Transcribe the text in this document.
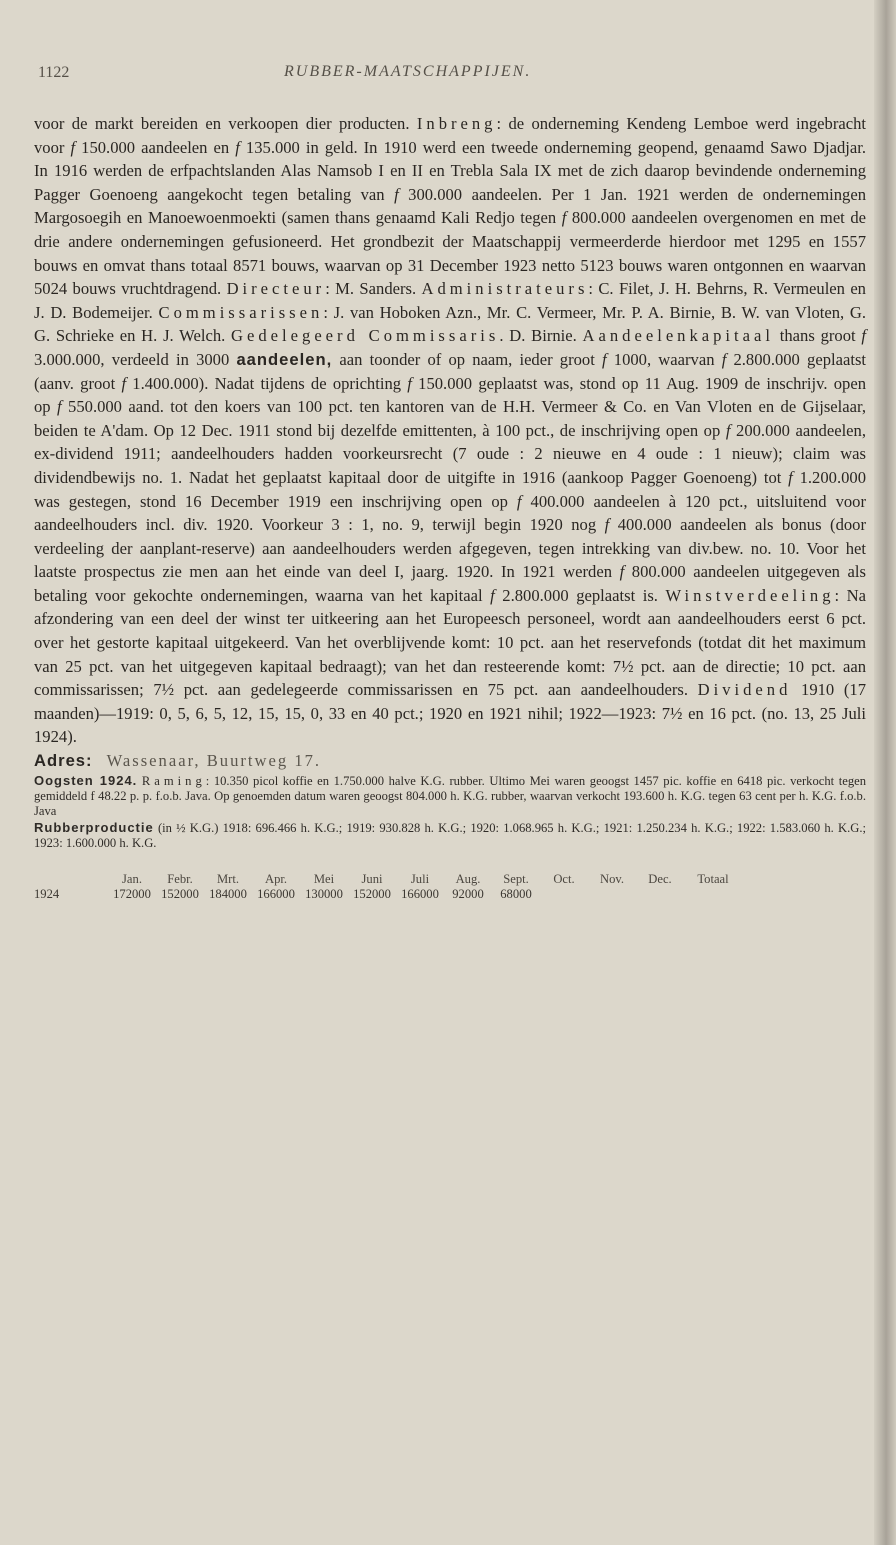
1122	RUBBER-MAATSCHAPPIJEN.

voor de markt bereiden en verkoopen dier producten. Inbreng: de onderneming Kendeng Lemboe werd ingebracht voor f 150.000 aandeelen en f 135.000 in geld. In 1910 werd een tweede onderneming geopend, genaamd Sawo Djadjar. In 1916 werden de erfpachtslanden Alas Namsob I en II en Trebla Sala IX met de zich daarop bevindende onderneming Pagger Goenoeng aangekocht tegen betaling van f 300.000 aandeelen. Per 1 Jan. 1921 werden de ondernemingen Margosoegih en Manoewoenmoekti (samen thans genaamd Kali Redjo tegen f 800.000 aandeelen overgenomen en met de drie andere ondernemingen gefusioneerd. Het grondbezit der Maatschappij vermeerderde hierdoor met 1295 en 1557 bouws en omvat thans totaal 8571 bouws, waarvan op 31 December 1923 netto 5123 bouws waren ontgonnen en waarvan 5024 bouws vruchtdragend. Directeur: M. Sanders. Administrateurs: C. Filet, J. H. Behrns, R. Vermeulen en J. D. Bodemeijer. Commissarissen: J. van Hoboken Azn., Mr. C. Vermeer, Mr. P. A. Birnie, B. W. van Vloten, G. G. Schrieke en H. J. Welch. Gedelegeerd Commissaris. D. Birnie. Aandeelenkapitaal thans groot f 3.000.000, verdeeld in 3000 aandeelen, aan toonder of op naam, ieder groot f 1000, waarvan f 2.800.000 geplaatst (aanv. groot f 1.400.000). Nadat tijdens de oprichting f 150.000 geplaatst was, stond op 11 Aug. 1909 de inschrijv. open op f 550.000 aand. tot den koers van 100 pct. ten kantoren van de H.H. Vermeer & Co. en Van Vloten en de Gijselaar, beiden te A'dam. Op 12 Dec. 1911 stond bij dezelfde emittenten, à 100 pct., de inschrijving open op f 200.000 aandeelen, ex-dividend 1911; aandeelhouders hadden voorkeursrecht (7 oude : 2 nieuwe en 4 oude : 1 nieuw); claim was dividendbewijs no. 1. Nadat het geplaatst kapitaal door de uitgifte in 1916 (aankoop Pagger Goenoeng) tot f 1.200.000 was gestegen, stond 16 December 1919 een inschrijving open op f 400.000 aandeelen à 120 pct., uitsluitend voor aandeelhouders incl. div. 1920. Voorkeur 3 : 1, no. 9, terwijl begin 1920 nog f 400.000 aandeelen als bonus (door verdeeling der aanplant-reserve) aan aandeelhouders werden afgegeven, tegen intrekking van div.bew. no. 10. Voor het laatste prospectus zie men aan het einde van deel I, jaarg. 1920. In 1921 werden f 800.000 aandeelen uitgegeven als betaling voor gekochte ondernemingen, waarna van het kapitaal f 2.800.000 geplaatst is. Winstverdeeling: Na afzondering van een deel der winst ter uitkeering aan het Europeesch personeel, wordt aan aandeelhouders eerst 6 pct. over het gestorte kapitaal uitgekeerd. Van het overblijvende komt: 10 pct. aan het reservefonds (totdat dit het maximum van 25 pct. van het uitgegeven kapitaal bedraagt); van het dan resteerende komt: 7½ pct. aan de directie; 10 pct. aan commissarissen; 7½ pct. aan gedelegeerde commissarissen en 75 pct. aan aandeelhouders. Dividend 1910 (17 maanden)—1919: 0, 5, 6, 5, 12, 15, 15, 0, 33 en 40 pct.; 1920 en 1921 nihil; 1922—1923: 7½ en 16 pct. (no. 13, 25 Juli 1924).

Adres: Wassenaar, Buurtweg 17.

Oogsten 1924. Raming: 10.350 picol koffie en 1.750.000 halve K.G. rubber. Ultimo Mei waren geoogst 1457 pic. koffie en 6418 pic. verkocht tegen gemiddeld f 48.22 p. p. f.o.b. Java. Op genoemden datum waren geoogst 804.000 h. K.G. rubber, waarvan verkocht 193.600 h. K.G. tegen 63 cent per h. K.G. f.o.b. Java

Rubberproductie (in ½ K.G.) 1918: 696.466 h. K.G.; 1919: 930.828 h. K.G.; 1920: 1.068.965 h. K.G.; 1921: 1.250.234 h. K.G.; 1922: 1.583.060 h. K.G.; 1923: 1.600.000 h. K.G.

Jan.	Febr.	Mrt.	Apr.	Mei	Juni	Juli	Aug.	Sept.	Oct.	Nov.	Dec.	Totaal
1924	172000 152000 184000 166000 130000 152000 166000	92000	68000
